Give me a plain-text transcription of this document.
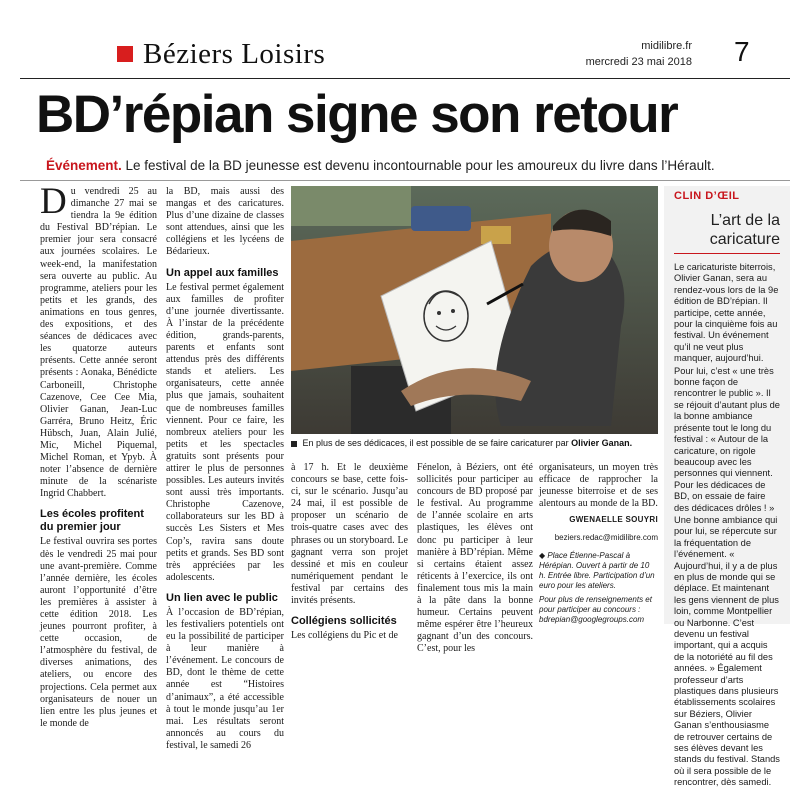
Béziers Loisirs	midilibre.fr
mercredi 23 mai 2018 7
BD’répian signe son retour
Événement. Le festival de la BD jeunesse est devenu incontournable pour les amoureux du livre dans l’Hérault.

Du vendredi 25 au dimanche 27 mai se tiendra la 9e édition du Festival BD’répian. Le premier jour sera consacré aux journées scolaires. Le week-end, la manifestation sera ouverte au public. Au programme, ateliers pour les petits et les grands, des animations en tous genres, des expositions, et des séances de dédicaces avec les quatorze auteurs présents. Cette année seront présents : Aonaka, Bénédicte Carboneill, Christophe Cazenove, Cee Cee Mia, Olivier Ganan, Jean-Luc Garréra, Bruno Heitz, Éric Hübsch, Juan, Alain Julié, Mic, Michel Piquemal, Michel Roman, et Ypyb. À noter l’absence de dernière minute de la scénariste Ingrid Chabbert.

Les écoles profitent du premier jour

Le festival ouvrira ses portes dès le vendredi 25 mai pour une avant-première. Comme l’année dernière, les écoles auront l’opportunité d’être les premières à assister à cette édition 2018. Les jeunes pourront profiter, à cette occasion, de l’atmosphère du festival, de diverses animations, des ateliers, ou encore des projections. Cela permet aux organisateurs de nouer un lien entre les plus jeunes et le monde de

la BD, mais aussi des mangas et des caricatures. Plus d’une dizaine de classes sont attendues, ainsi que les collégiens et les lycéens de Bédarieux.

Un appel aux familles

Le festival permet également aux familles de profiter d’une journée divertissante. À l’instar de la précédente édition, grands-parents, parents et enfants sont attendus près des différents stands et ateliers. Les organisateurs, cette année plus que jamais, souhaitent que de nombreuses familles viennent. Pour ce faire, les nombreux ateliers pour les petits et les spectacles gratuits sont présents pour attirer le plus de personnes possibles. Les auteurs invités sont aussi très importants. Christophe Cazenove, collaborateurs sur les BD à succès Les Sisters et Mes Cop’s, ravira sans doute petits et grands. Ses BD sont très appréciées par les adolescents.

Un lien avec le public

À l’occasion de BD’répian, les festivaliers potentiels ont eu la possibilité de participer à leur manière à l’événement. Le concours de BD, dont le thème de cette année est “Histoires d’animaux”, a été accessible à tout le monde jusqu’au 1er mai. Les résultats seront annoncés au cours du festival, le samedi 26

En plus de ses dédicaces, il est possible de se faire caricaturer par Olivier Ganan.

à 17 h. Et le deuxième concours se base, cette fois-ci, sur le scénario. Jusqu’au 24 mai, il est possible de proposer un scénario de trois-quatre cases avec des phrases ou un storyboard. Le gagnant verra son projet dessiné et mis en couleur numériquement pendant le festival par certains des invités présents.

Collégiens sollicités

Les collégiens du Pic et de

Fénelon, à Béziers, ont été sollicités pour participer au concours de BD proposé par le festival. Au programme de l’année scolaire en arts plastiques, les élèves ont donc pu participer à leur manière à BD’répian. Même si certains étaient assez réticents à l’exercice, ils ont finalement tous mis la main à la pâte dans la bonne humeur. Certains peuvent même espérer être l’heureux gagnant d’un des concours. C’est, pour les

organisateurs, un moyen très efficace de rapprocher la jeunesse biterroise et de ses alentours au monde de la BD.

GWENAELLE SOUYRI
beziers.redac@midilibre.com

◆ Place Étienne-Pascal à Hérépian. Ouvert à partir de 10 h. Entrée libre. Participation d’un euro pour les ateliers.

Pour plus de renseignements et pour participer au concours : bdrepian@googlegroups.com

CLIN D’ŒIL
L’art de la caricature

Le caricaturiste biterrois, Olivier Ganan, sera au rendez-vous lors de la 9e édition de BD’répian. Il participe, cette année, pour la cinquième fois au festival. Un événement qu’il ne veut plus manquer, aujourd’hui.

Pour lui, c’est « une très bonne façon de rencontrer le public ». Il se réjouit d’autant plus de la bonne ambiance présente tout le long du festival : « Autour de la caricature, on rigole beaucoup avec les personnes qui viennent. Pour les dédicaces de BD, on essaie de faire des dédicaces drôles ! »

Une bonne ambiance qui pour lui, se répercute sur la fréquentation de l’événement. « Aujourd’hui, il y a de plus en plus de monde qui se déplace. Et maintenant les gens viennent de plus loin, comme Montpellier ou Narbonne. C’est devenu un festival important, qui a acquis de la notoriété au fil des années. » Également professeur d’arts plastiques dans plusieurs établissements scolaires sur Béziers, Olivier Ganan s’enthousiasme de retrouver certains de ses élèves devant les stands du festival. Stands où il sera possible de le rencontrer, dès samedi.
